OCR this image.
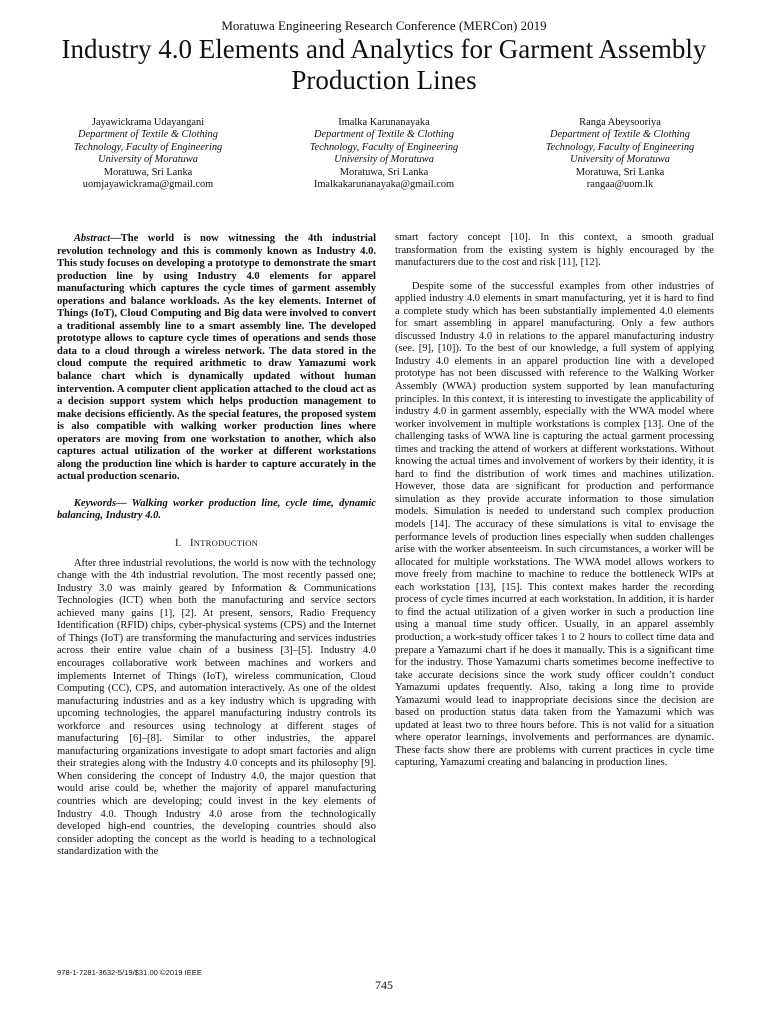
Moratuwa Engineering Research Conference (MERCon) 2019
Industry 4.0 Elements and Analytics for Garment Assembly Production Lines
Jayawickrama Udayangani
Department of Textile & Clothing
Technology, Faculty of Engineering
University of Moratuwa
Moratuwa, Sri Lanka
uomjayawickrama@gmail.com
Imalka Karunanayaka
Department of Textile & Clothing
Technology, Faculty of Engineering
University of Moratuwa
Moratuwa, Sri Lanka
Imalkakarunanayaka@gmail.com
Ranga Abeysooriya
Department of Textile & Clothing
Technology, Faculty of Engineering
University of Moratuwa
Moratuwa, Sri Lanka
rangaa@uom.lk

Abstract—The world is now witnessing the 4th industrial revolution technology and this is commonly known as Industry 4.0. This study focuses on developing a prototype to demonstrate the smart production line by using Industry 4.0 elements for apparel manufacturing which captures the cycle times of garment assembly operations and balance workloads. As the key elements. Internet of Things (IoT), Cloud Computing and Big data were involved to convert a traditional assembly line to a smart assembly line. The developed prototype allows to capture cycle times of operations and sends those data to a cloud through a wireless network. The data stored in the cloud compute the required arithmetic to draw Yamazumi work balance chart which is dynamically updated without human intervention. A computer client application attached to the cloud act as a decision support system which helps production management to make decisions efficiently. As the special features, the proposed system is also compatible with walking worker production lines where operators are moving from one workstation to another, which also captures actual utilization of the worker at different workstations along the production line which is harder to capture accurately in the actual production scenario.

Keywords— Walking worker production line, cycle time, dynamic balancing, Industry 4.0.

I.   INTRODUCTION

After three industrial revolutions, the world is now with the technology change with the 4th industrial revolution. The most recently passed one; Industry 3.0 was mainly geared by Information & Communications Technologies (ICT) when both the manufacturing and service sectors achieved many gains [1], [2]. At present, sensors, Radio Frequency Identification (RFID) chips, cyber-physical systems (CPS) and the Internet of Things (IoT) are transforming the manufacturing and services industries across their entire value chain of a business [3]–[5]. Industry 4.0 encourages collaborative work between machines and workers and implements Internet of Things (IoT), wireless communication, Cloud Computing (CC), CPS, and automation interactively. As one of the oldest manufacturing industries and as a key industry which is upgrading with upcoming technologies, the apparel manufacturing industry controls its workforce and resources using technology at different stages of manufacturing [6]–[8]. Similar to other industries, the apparel manufacturing organizations investigate to adopt smart factories and align their strategies along with the Industry 4.0 concepts and its philosophy [9]. When considering the concept of Industry 4.0, the major question that would arise could be, whether the majority of apparel manufacturing countries which are developing; could invest in the key elements of Industry 4.0. Though Industry 4.0 arose from the technologically developed high-end countries, the developing countries should also consider adopting the concept as the world is heading to a technological standardization with the

smart factory concept [10]. In this context, a smooth gradual transformation from the existing system is highly encouraged by the manufacturers due to the cost and risk [11], [12].

Despite some of the successful examples from other industries of applied industry 4.0 elements in smart manufacturing, yet it is hard to find a complete study which has been substantially implemented 4.0 elements for smart assembling in apparel manufacturing. Only a few authors discussed Industry 4.0 in relations to the apparel manufacturing industry (see. [9], [10]). To the best of our knowledge, a full system of applying Industry 4.0 elements in an apparel production line with a developed prototype has not been discussed with reference to the Walking Worker Assembly (WWA) production system supported by lean manufacturing principles. In this context, it is interesting to investigate the applicability of industry 4.0 in garment assembly, especially with the WWA model where worker involvement in multiple workstations is complex [13]. One of the challenging tasks of WWA line is capturing the actual garment processing times and tracking the attend of workers at different workstations. Without knowing the actual times and involvement of workers by their identity, it is hard to find the distribution of work times and machines utilization. However, those data are significant for production and performance simulation as they provide accurate information to those simulation models. Simulation is needed to understand such complex production models [14]. The accuracy of these simulations is vital to envisage the performance levels of production lines especially when sudden challenges arise with the worker absenteeism. In such circumstances, a worker will be allocated for multiple workstations. The WWA model allows workers to move freely from machine to machine to reduce the bottleneck WIPs at each workstation [13], [15]. This context makes harder the recording process of cycle times incurred at each workstation. In addition, it is harder to find the actual utilization of a given worker in such a production line using a manual time study officer. Usually, in an apparel assembly production, a work-study officer takes 1 to 2 hours to collect time data and prepare a Yamazumi chart if he does it manually. This is a significant time for the industry. Those Yamazumi charts sometimes become ineffective to take accurate decisions since the work study officer couldn’t conduct Yamazumi updates frequently. Also, taking a long time to provide Yamazumi would lead to inappropriate decisions since the decision are based on production status data taken from the Yamazumi which was updated at least two to three hours before. This is not valid for a situation where operator learnings, involvements and performances are dynamic. These facts show there are problems with current practices in cycle time capturing, Yamazumi creating and balancing in production lines.

978-1-7281-3632-5/19/$31.00 ©2019 IEEE
745
